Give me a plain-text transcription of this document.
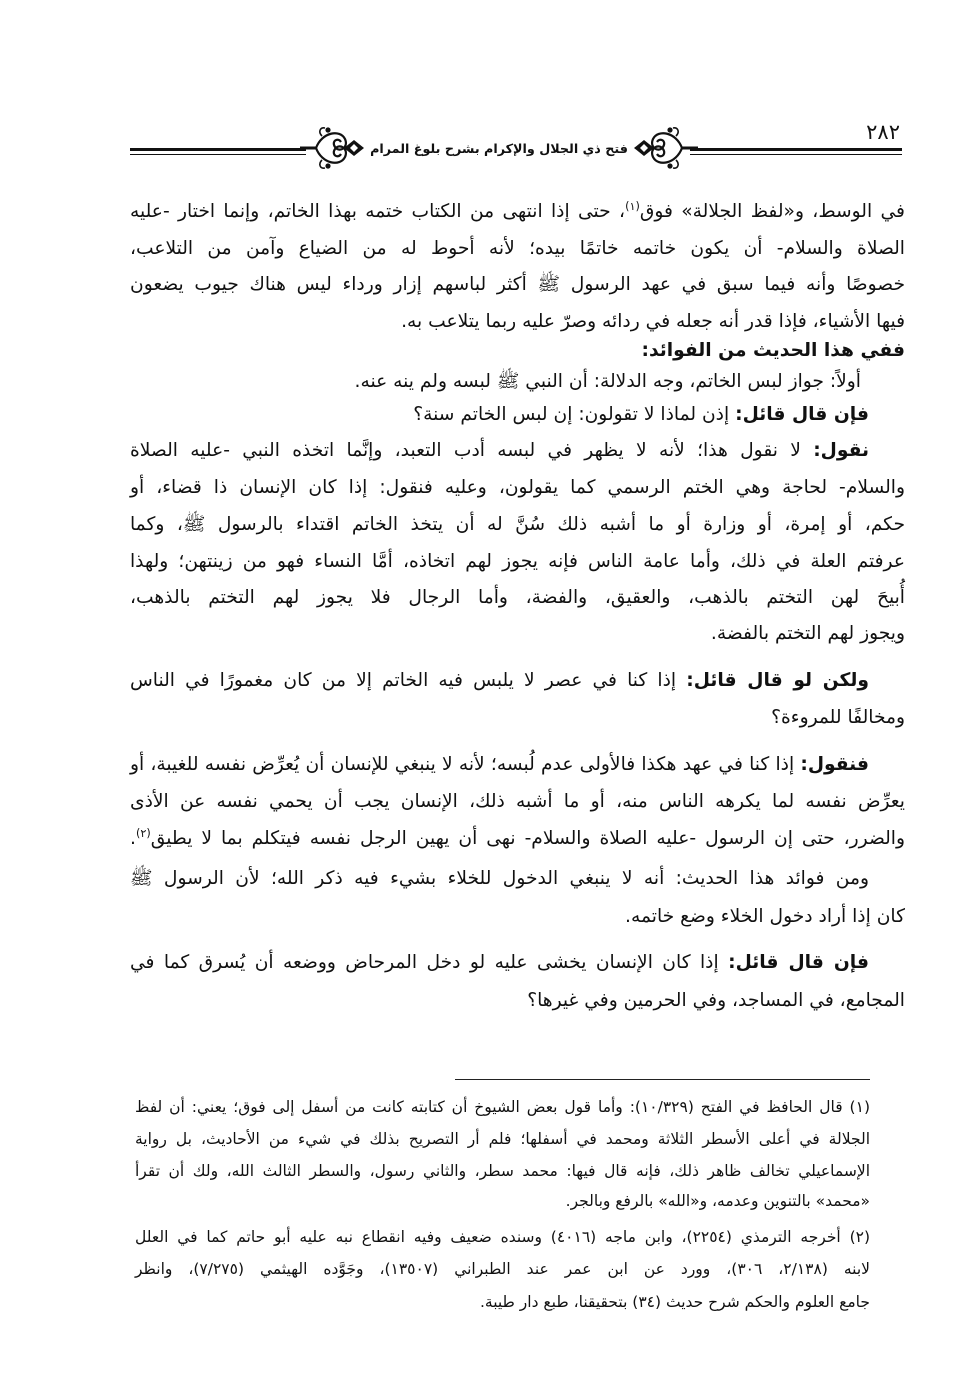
فتح ذي الجلال والإكرام بشرح بلوغ المرام
٢٨٢
في الوسط، و«لفظ الجلالة» فوق$^{(١)}$، حتى إذا انتهى من الكتاب ختمه بهذا الخاتم، وإنما اختار -عليه
الصلاة والسلام- أن يكون خاتمه خاتمًا بيده؛ لأنه أحوط له من الضياع وآمن من التلاعب،
خصوصًا وأنه فيما سبق في عهد الرسول ﷺ أكثر لباسهم إزار ورداء ليس هناك جيوب يضعون
فيها الأشياء، فإذا قدر أنه جعله في ردائه وصرّ عليه ربما يتلاعب به.
ففي هذا الحديث من الفوائد:
أولاً: جواز لبس الخاتم، وجه الدلالة: أن النبي ﷺ لبسه ولم ينه عنه.
فإن قال قائل: إذن لماذا لا تقولون: إن لبس الخاتم سنة؟
نقول: لا نقول هذا؛ لأنه لا يظهر في لبسه أدب التعبد، وإنَّما اتخذه النبي -عليه الصلاة
والسلام- لحاجة وهي الختم الرسمي كما يقولون، وعليه فنقول: إذا كان الإنسان ذا قضاء، أو
حكم، أو إمرة، أو وزارة أو ما أشبه ذلك سُنَّ له أن يتخذ الخاتم اقتداء بالرسول ﷺ، وكما
عرفتم العلة في ذلك، وأما عامة الناس فإنه يجوز لهم اتخاذه، أمَّا النساء فهو من زينتهن؛ ولهذا
أُبيحَ لهن التختم بالذهب، والعقيق، والفضة، وأما الرجال فلا يجوز لهم التختم بالذهب،
ويجوز لهم التختم بالفضة.
ولكن لو قال قائل: إذا كنا في عصر لا يلبس فيه الخاتم إلا من كان مغمورًا في الناس
ومخالفًا للمروءة؟
فنقول: إذا كنا في عهد هكذا فالأولى عدم لُبسه؛ لأنه لا ينبغي للإنسان أن يُعرِّض نفسه للغيبة، أو
يعرِّض نفسه لما يكرهه الناس منه، أو ما أشبه ذلك، الإنسان يجب أن يحمي نفسه عن الأذى
والضرر، حتى إن الرسول -عليه الصلاة والسلام- نهى أن يهين الرجل نفسه فيتكلم بما لا يطيق$^{(٢)}$.
ومن فوائد هذا الحديث: أنه لا ينبغي الدخول للخلاء بشيء فيه ذكر الله؛ لأن الرسول ﷺ
كان إذا أراد دخول الخلاء وضع خاتمه.
فإن قال قائل: إذا كان الإنسان يخشى عليه لو دخل المرحاض ووضعه أن يُسرق كما في
المجامع، في المساجد، وفي الحرمين وفي غيرها؟
(١) قال الحافظ في الفتح (١٠/٣٢٩): وأما قول بعض الشيوخ أن كتابته كانت من أسفل إلى فوق؛ يعني: أن لفظ
الجلالة في أعلى الأسطر الثلاثة ومحمد في أسفلها؛ فلم أر التصريح بذلك في شيء من الأحاديث، بل رواية
الإسماعيلي تخالف ظاهر ذلك، فإنه قال فيها: محمد سطر، والثاني رسول، والسطر الثالث الله، ولك أن تقرأ
«محمد» بالتنوين وعدمه، و«الله» بالرفع وبالجر.
(٢) أخرجه الترمذي (٢٢٥٤)، وابن ماجه (٤٠١٦) وسنده ضعيف وفيه انقطاع نبه عليه أبو حاتم كما في العلل
لابنه (٢/١٣٨، ٣٠٦)، وورد عن ابن عمر عند الطبراني (١٣٥٠٧)، وجَوَّده الهيثمي (٧/٢٧٥)، وانظر
جامع العلوم والحكم شرح حديث (٣٤) بتحقيقنا، طبع دار طيبة.
